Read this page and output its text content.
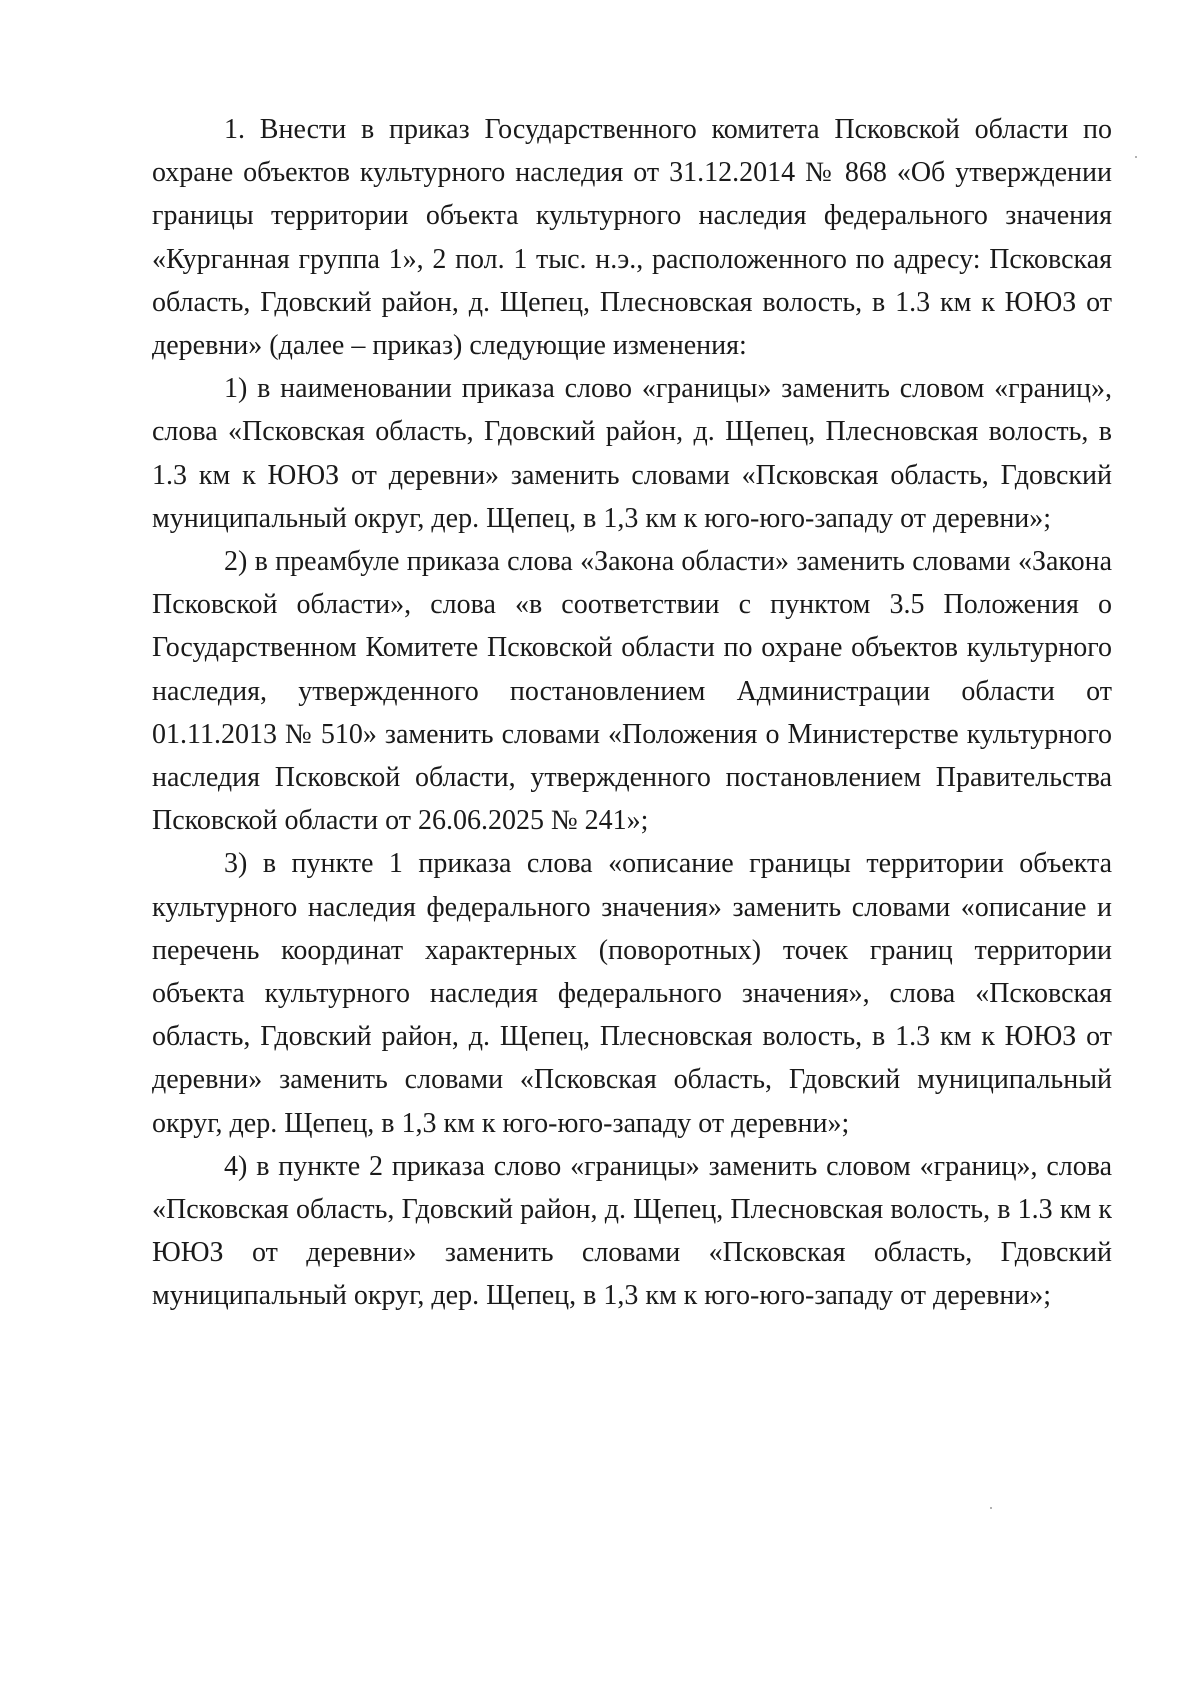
1. Внести в приказ Государственного комитета Псковской области по охране объектов культурного наследия от 31.12.2014 № 868 «Об утверждении границы территории объекта культурного наследия федерального значения «Курганная группа 1», 2 пол. 1 тыс. н.э., расположенного по адресу: Псковская область, Гдовский район, д. Щепец, Плесновская волость, в 1.3 км к ЮЮЗ от деревни» (далее – приказ) следующие изменения:

1) в наименовании приказа слово «границы» заменить словом «границ», слова «Псковская область, Гдовский район, д. Щепец, Плесновская волость, в 1.3 км к ЮЮЗ от деревни» заменить словами «Псковская область, Гдовский муниципальный округ, дер. Щепец, в 1,3 км к юго-юго-западу от деревни»;

2) в преамбуле приказа слова «Закона области» заменить словами «Закона Псковской области», слова «в соответствии с пунктом 3.5 Положения о Государственном Комитете Псковской области по охране объектов культурного наследия, утвержденного постановлением Администрации области от 01.11.2013 № 510» заменить словами «Положения о Министерстве культурного наследия Псковской области, утвержденного постановлением Правительства Псковской области от 26.06.2025 № 241»;

3) в пункте 1 приказа слова «описание границы территории объекта культурного наследия федерального значения» заменить словами «описание и перечень координат характерных (поворотных) точек границ территории объекта культурного наследия федерального значения», слова «Псковская область, Гдовский район, д. Щепец, Плесновская волость, в 1.3 км к ЮЮЗ от деревни» заменить словами «Псковская область, Гдовский муниципальный округ, дер. Щепец, в 1,3 км к юго-юго-западу от деревни»;

4) в пункте 2 приказа слово «границы» заменить словом «границ», слова «Псковская область, Гдовский район, д. Щепец, Плесновская волость, в 1.3 км к ЮЮЗ от деревни» заменить словами «Псковская область, Гдовский муниципальный округ, дер. Щепец, в 1,3 км к юго-юго-западу от деревни»;
